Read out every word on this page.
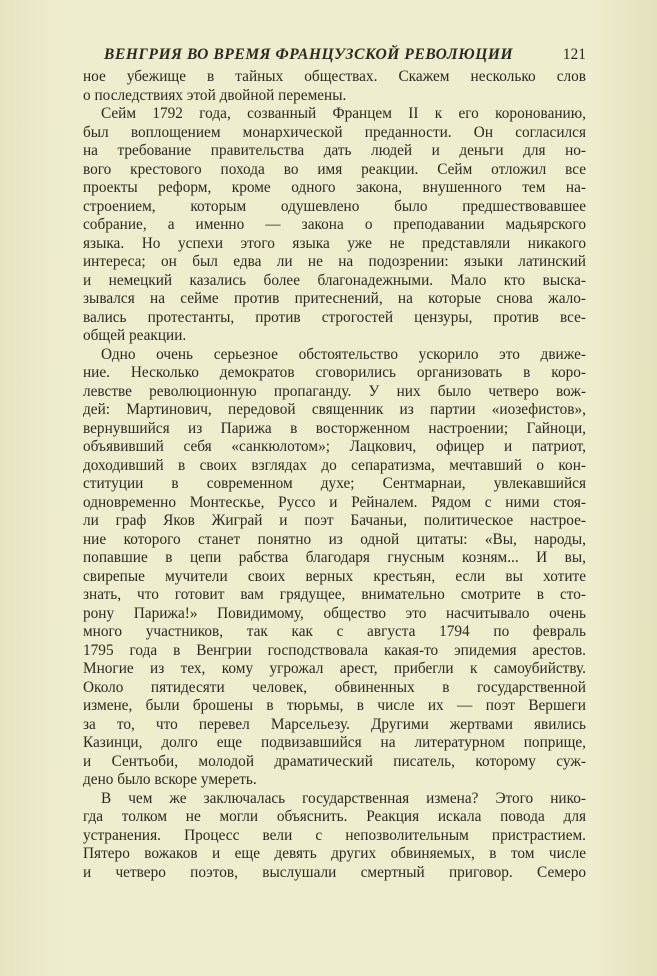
ВЕНГРИЯ ВО ВРЕМЯ ФРАНЦУЗСКОЙ РЕВОЛЮЦИИ	121
ное убежище в тайных обществах. Скажем несколько слов
о последствиях этой двойной перемены.
Сейм 1792 года, созванный Францем II к его коронованию,
был воплощением монархической преданности. Он согласился
на требование правительства дать людей и деньги для но-
вого крестового похода во имя реакции. Сейм отложил все
проекты реформ, кроме одного закона, внушенного тем на-
строением, которым одушевлено было предшествовавшее
собрание, а именно — закона о преподавании мадьярского
языка. Но успехи этого языка уже не представляли никакого
интереса; он был едва ли не на подозрении: языки латинский
и немецкий казались более благонадежными. Мало кто выска-
зывался на сейме против притеснений, на которые снова жало-
вались протестанты, против строгостей цензуры, против все-
общей реакции.
Одно очень серьезное обстоятельство ускорило это движе-
ние. Несколько демократов сговорились организовать в коро-
левстве революционную пропаганду. У них было четверо вож-
дей: Мартинович, передовой священник из партии «иозефистов»,
вернувшийся из Парижа в восторженном настроении; Гайноци,
объявивший себя «санкюлотом»; Лацкович, офицер и патриот,
доходивший в своих взглядах до сепаратизма, мечтавший о кон-
ституции в современном духе; Сентмарнаи, увлекавшийся
одновременно Монтескье, Руссо и Рейналем. Рядом с ними стоя-
ли граф Яков Жиграй и поэт Бачаньи, политическое настрое-
ние которого станет понятно из одной цитаты: «Вы, народы,
попавшие в цепи рабства благодаря гнусным козням... И вы,
свирепые мучители своих верных крестьян, если вы хотите
знать, что готовит вам грядущее, внимательно смотрите в сто-
рону Парижа!» Повидимому, общество это насчитывало очень
много участников, так как с августа 1794 по февраль
1795 года в Венгрии господствовала какая-то эпидемия арестов.
Многие из тех, кому угрожал арест, прибегли к самоубийству.
Около пятидесяти человек, обвиненных в государственной
измене, были брошены в тюрьмы, в числе их — поэт Вершеги
за то, что перевел Марсельезу. Другими жертвами явились
Казинци, долго еще подвизавшийся на литературном поприще,
и Сентьоби, молодой драматический писатель, которому суж-
дено было вскоре умереть.
В чем же заключалась государственная измена? Этого нико-
гда толком не могли объяснить. Реакция искала повода для
устранения. Процесс вели с непозволительным пристрастием.
Пятеро вожаков и еще девять других обвиняемых, в том числе
и четверо поэтов, выслушали смертный приговор. Семеро
